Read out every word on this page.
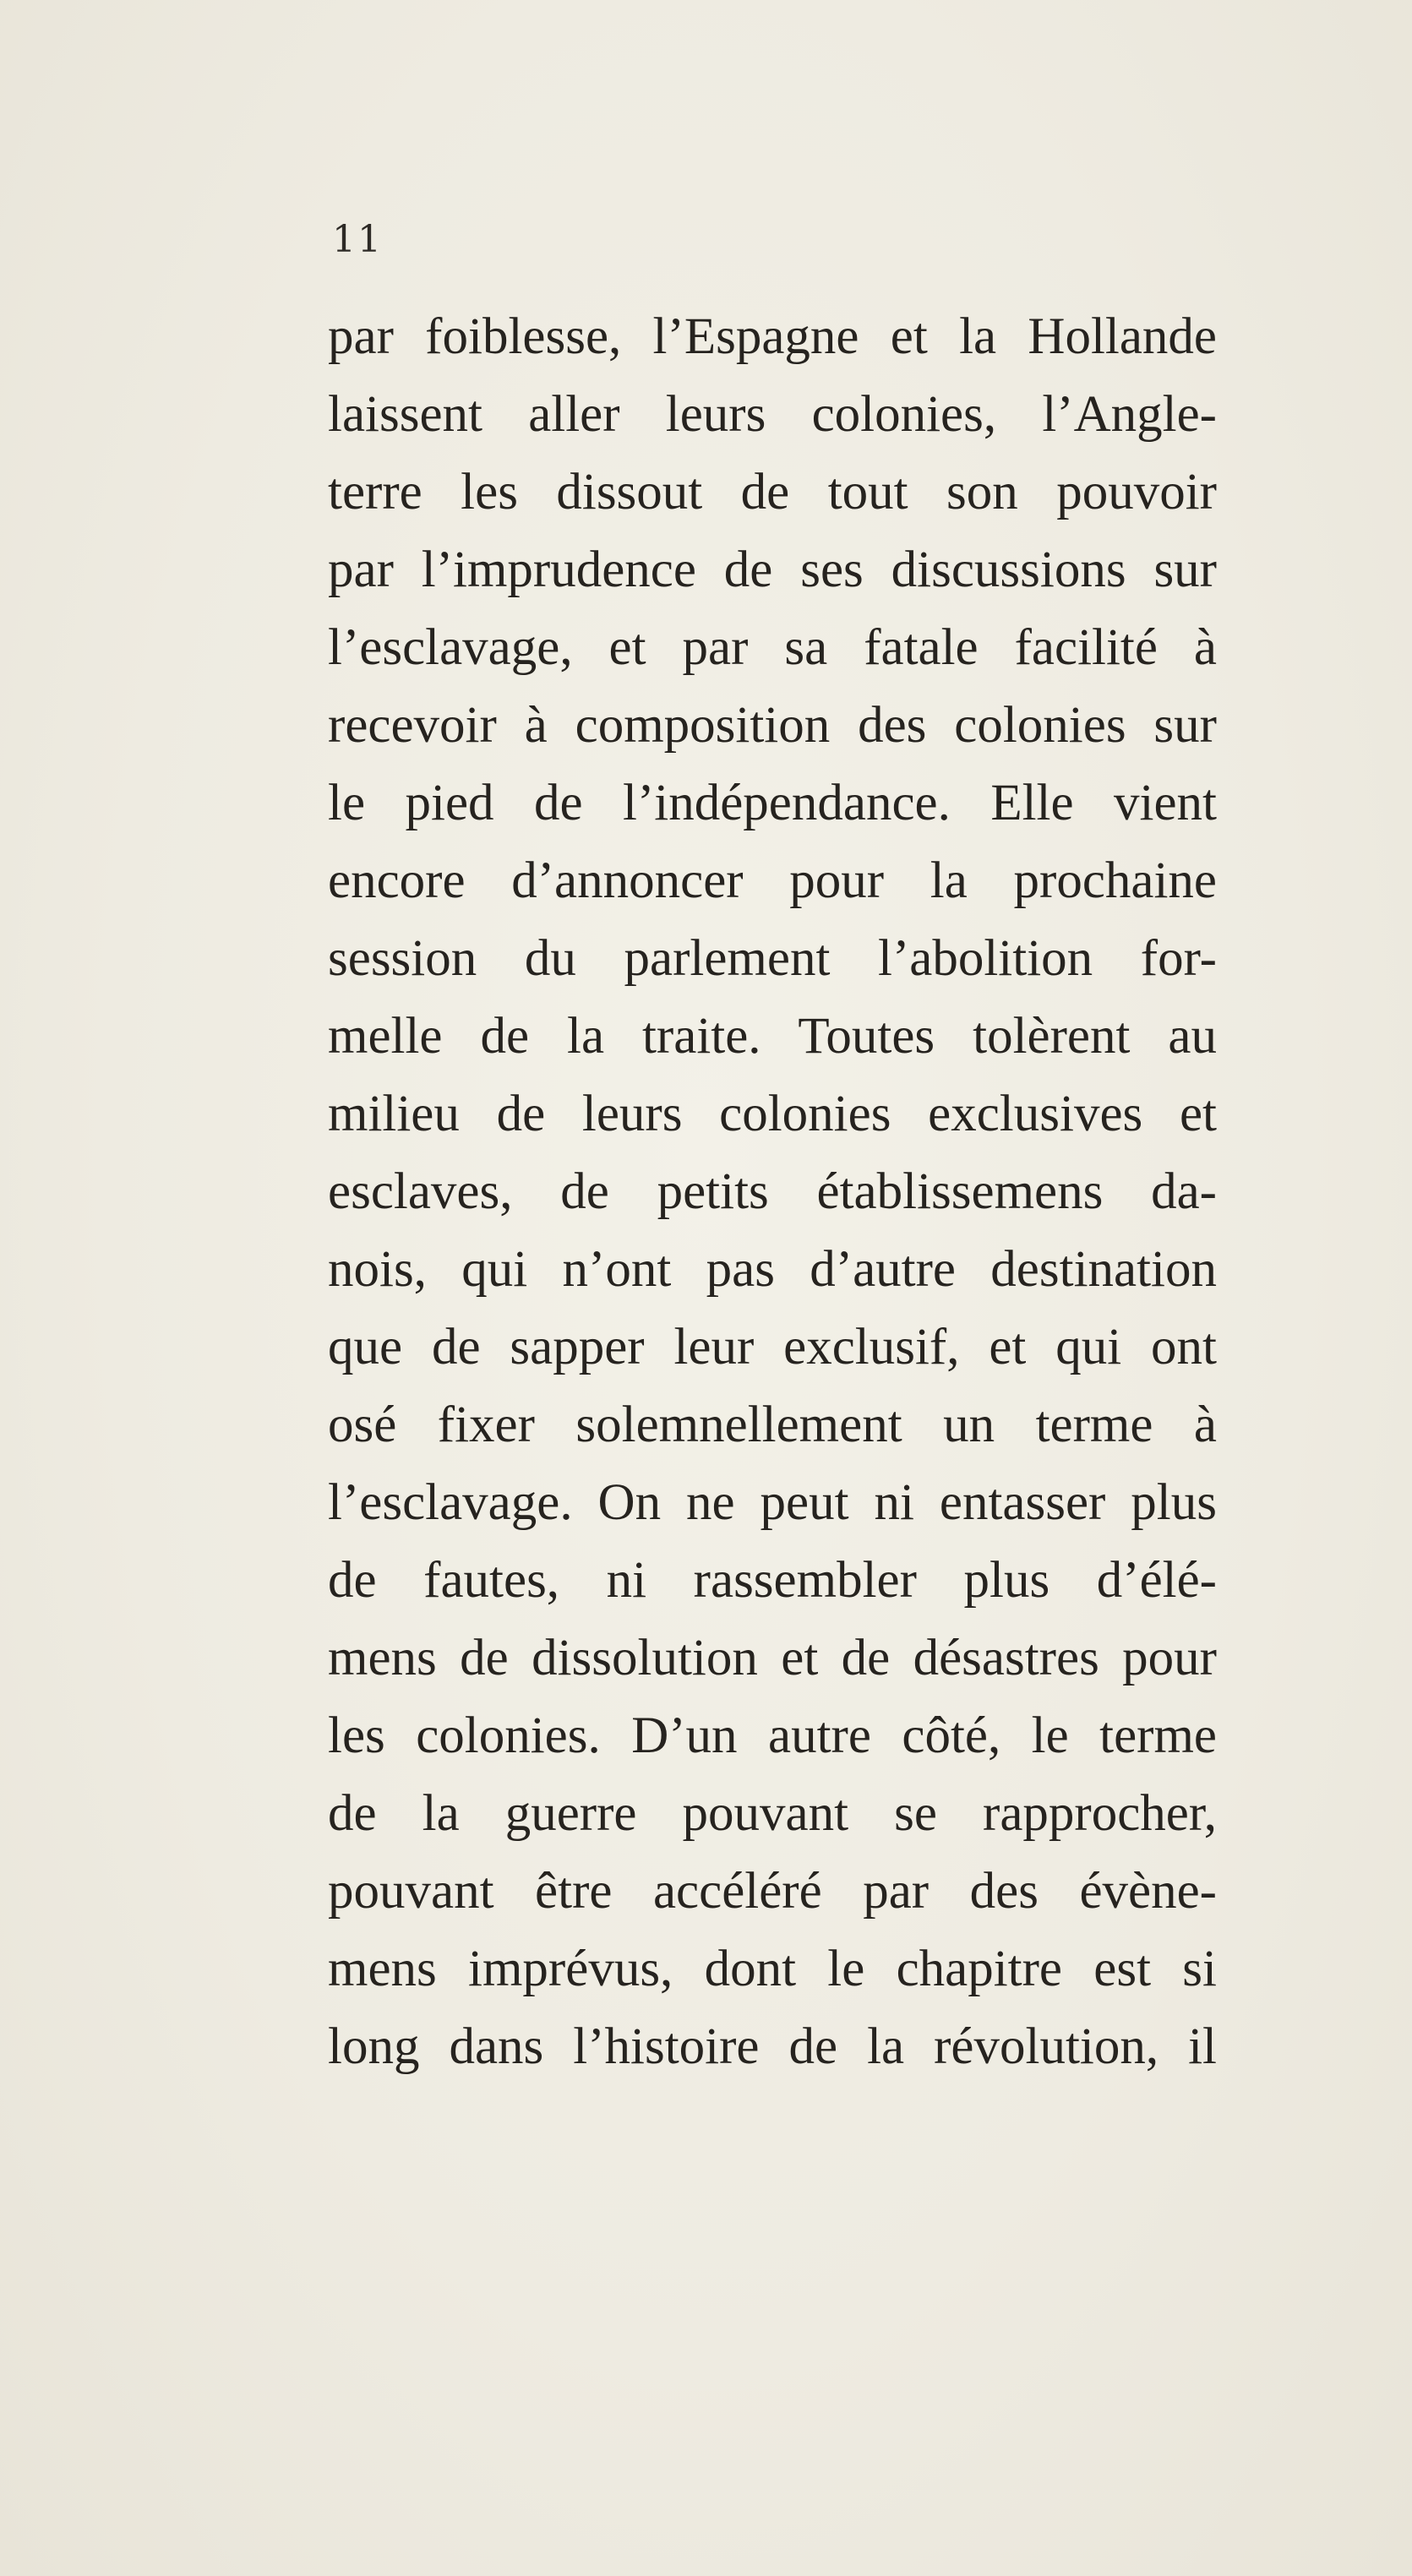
11
par foiblesse, l’Espagne et la Hollande
laissent aller leurs colonies, l’Angle-
terre les dissout de tout son pouvoir
par l’imprudence de ses discussions sur
l’esclavage, et par sa fatale facilité à
recevoir à composition des colonies sur
le pied de l’indépendance. Elle vient
encore d’annoncer pour la prochaine
session du parlement l’abolition for-
melle de la traite. Toutes tolèrent au
milieu de leurs colonies exclusives et
esclaves, de petits établissemens da-
nois, qui n’ont pas d’autre destination
que de sapper leur exclusif, et qui ont
osé fixer solemnellement un terme à
l’esclavage. On ne peut ni entasser plus
de fautes, ni rassembler plus d’élé-
mens de dissolution et de désastres pour
les colonies. D’un autre côté, le terme
de la guerre pouvant se rapprocher,
pouvant être accéléré par des évène-
mens imprévus, dont le chapitre est si
long dans l’histoire de la révolution, il
